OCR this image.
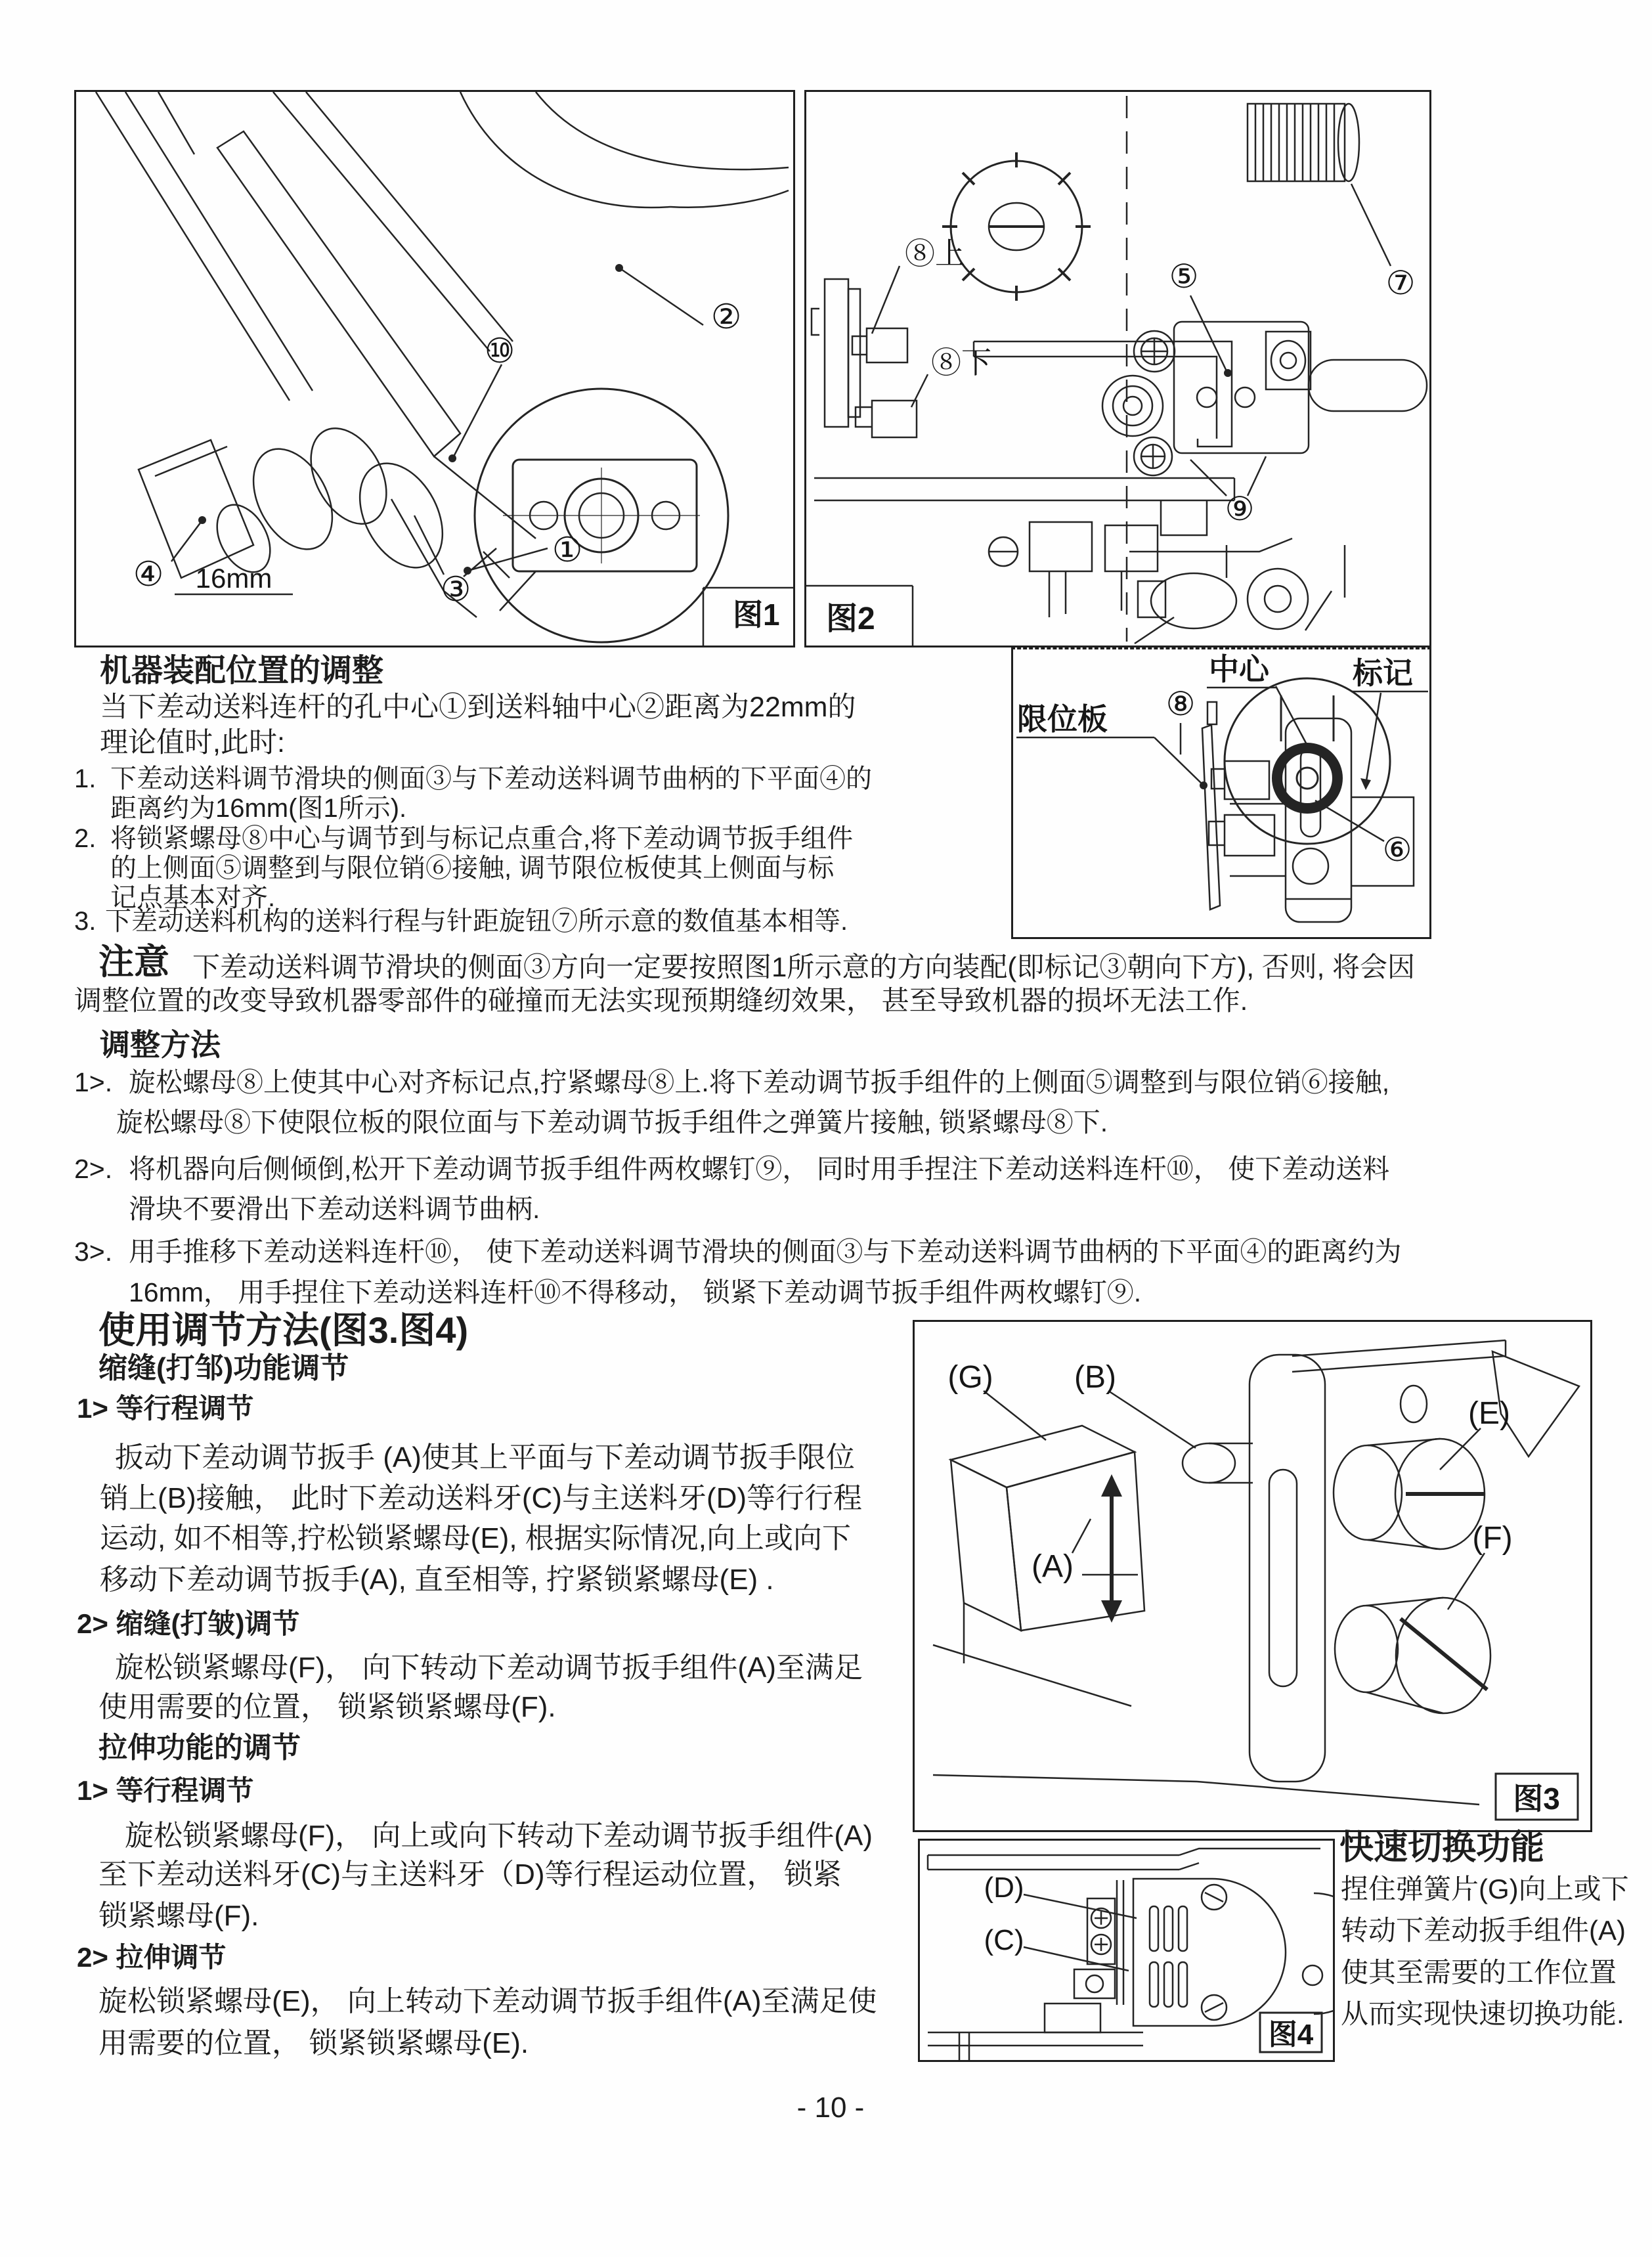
⑩
②
①
④	③
16mm
图1
⑧上
⑧下
图2
⑦
⑤
⑨
中心	标记
限位板 ⑧
⑥
机器装配位置的调整
当下差动送料连杆的孔中心①到送料轴中心②距离为22mm的
理论值时,此时:
1. 下差动送料调节滑块的侧面③与下差动送料调节曲柄的下平面④的
距离约为16mm(图1所示).
2. 将锁紧螺母⑧中心与调节到与标记点重合,将下差动调节扳手组件
的上侧面⑤调整到与限位销⑥接触, 调节限位板使其上侧面与标
记点基本对齐.
3. 下差动送料机构的送料行程与针距旋钮⑦所示意的数值基本相等.
注意 下差动送料调节滑块的侧面③方向一定要按照图1所示意的方向装配(即标记③朝向下方), 否则, 将会因
调整位置的改变导致机器零部件的碰撞而无法实现预期缝纫效果， 甚至导致机器的损坏无法工作.
调整方法
1>. 旋松螺母⑧上使其中心对齐标记点,拧紧螺母⑧上.将下差动调节扳手组件的上侧面⑤调整到与限位销⑥接触,
旋松螺母⑧下使限位板的限位面与下差动调节扳手组件之弹簧片接触, 锁紧螺母⑧下.
2>. 将机器向后侧倾倒,松开下差动调节扳手组件两枚螺钉⑨， 同时用手捏注下差动送料连杆⑩， 使下差动送料
滑块不要滑出下差动送料调节曲柄.
3>. 用手推移下差动送料连杆⑩， 使下差动送料调节滑块的侧面③与下差动送料调节曲柄的下平面④的距离约为
16mm， 用手捏住下差动送料连杆⑩不得移动， 锁紧下差动调节扳手组件两枚螺钉⑨.
使用调节方法(图3.图4)
缩缝(打邹)功能调节
1> 等行程调节
扳动下差动调节扳手 (A)使其上平面与下差动调节扳手限位
销上(B)接触， 此时下差动送料牙(C)与主送料牙(D)等行行程
运动, 如不相等,拧松锁紧螺母(E), 根据实际情况,向上或向下
移动下差动调节扳手(A), 直至相等, 拧紧锁紧螺母(E) .
2> 缩缝(打皱)调节
旋松锁紧螺母(F)， 向下转动下差动调节扳手组件(A)至满足
使用需要的位置， 锁紧锁紧螺母(F).
拉伸功能的调节
1> 等行程调节
旋松锁紧螺母(F)， 向上或向下转动下差动调节扳手组件(A)
至下差动送料牙(C)与主送料牙（D)等行程运动位置， 锁紧
锁紧螺母(F).
2> 拉伸调节
旋松锁紧螺母(E)， 向上转动下差动调节扳手组件(A)至满足使
用需要的位置， 锁紧锁紧螺母(E).
(G)	(B)
(E)
(F)
(A)
图3
(D)
(C)
图4
快速切换功能
捏住弹簧片(G)向上或下
转动下差动扳手组件(A)
使其至需要的工作位置
从而实现快速切换功能.
- 10 -
